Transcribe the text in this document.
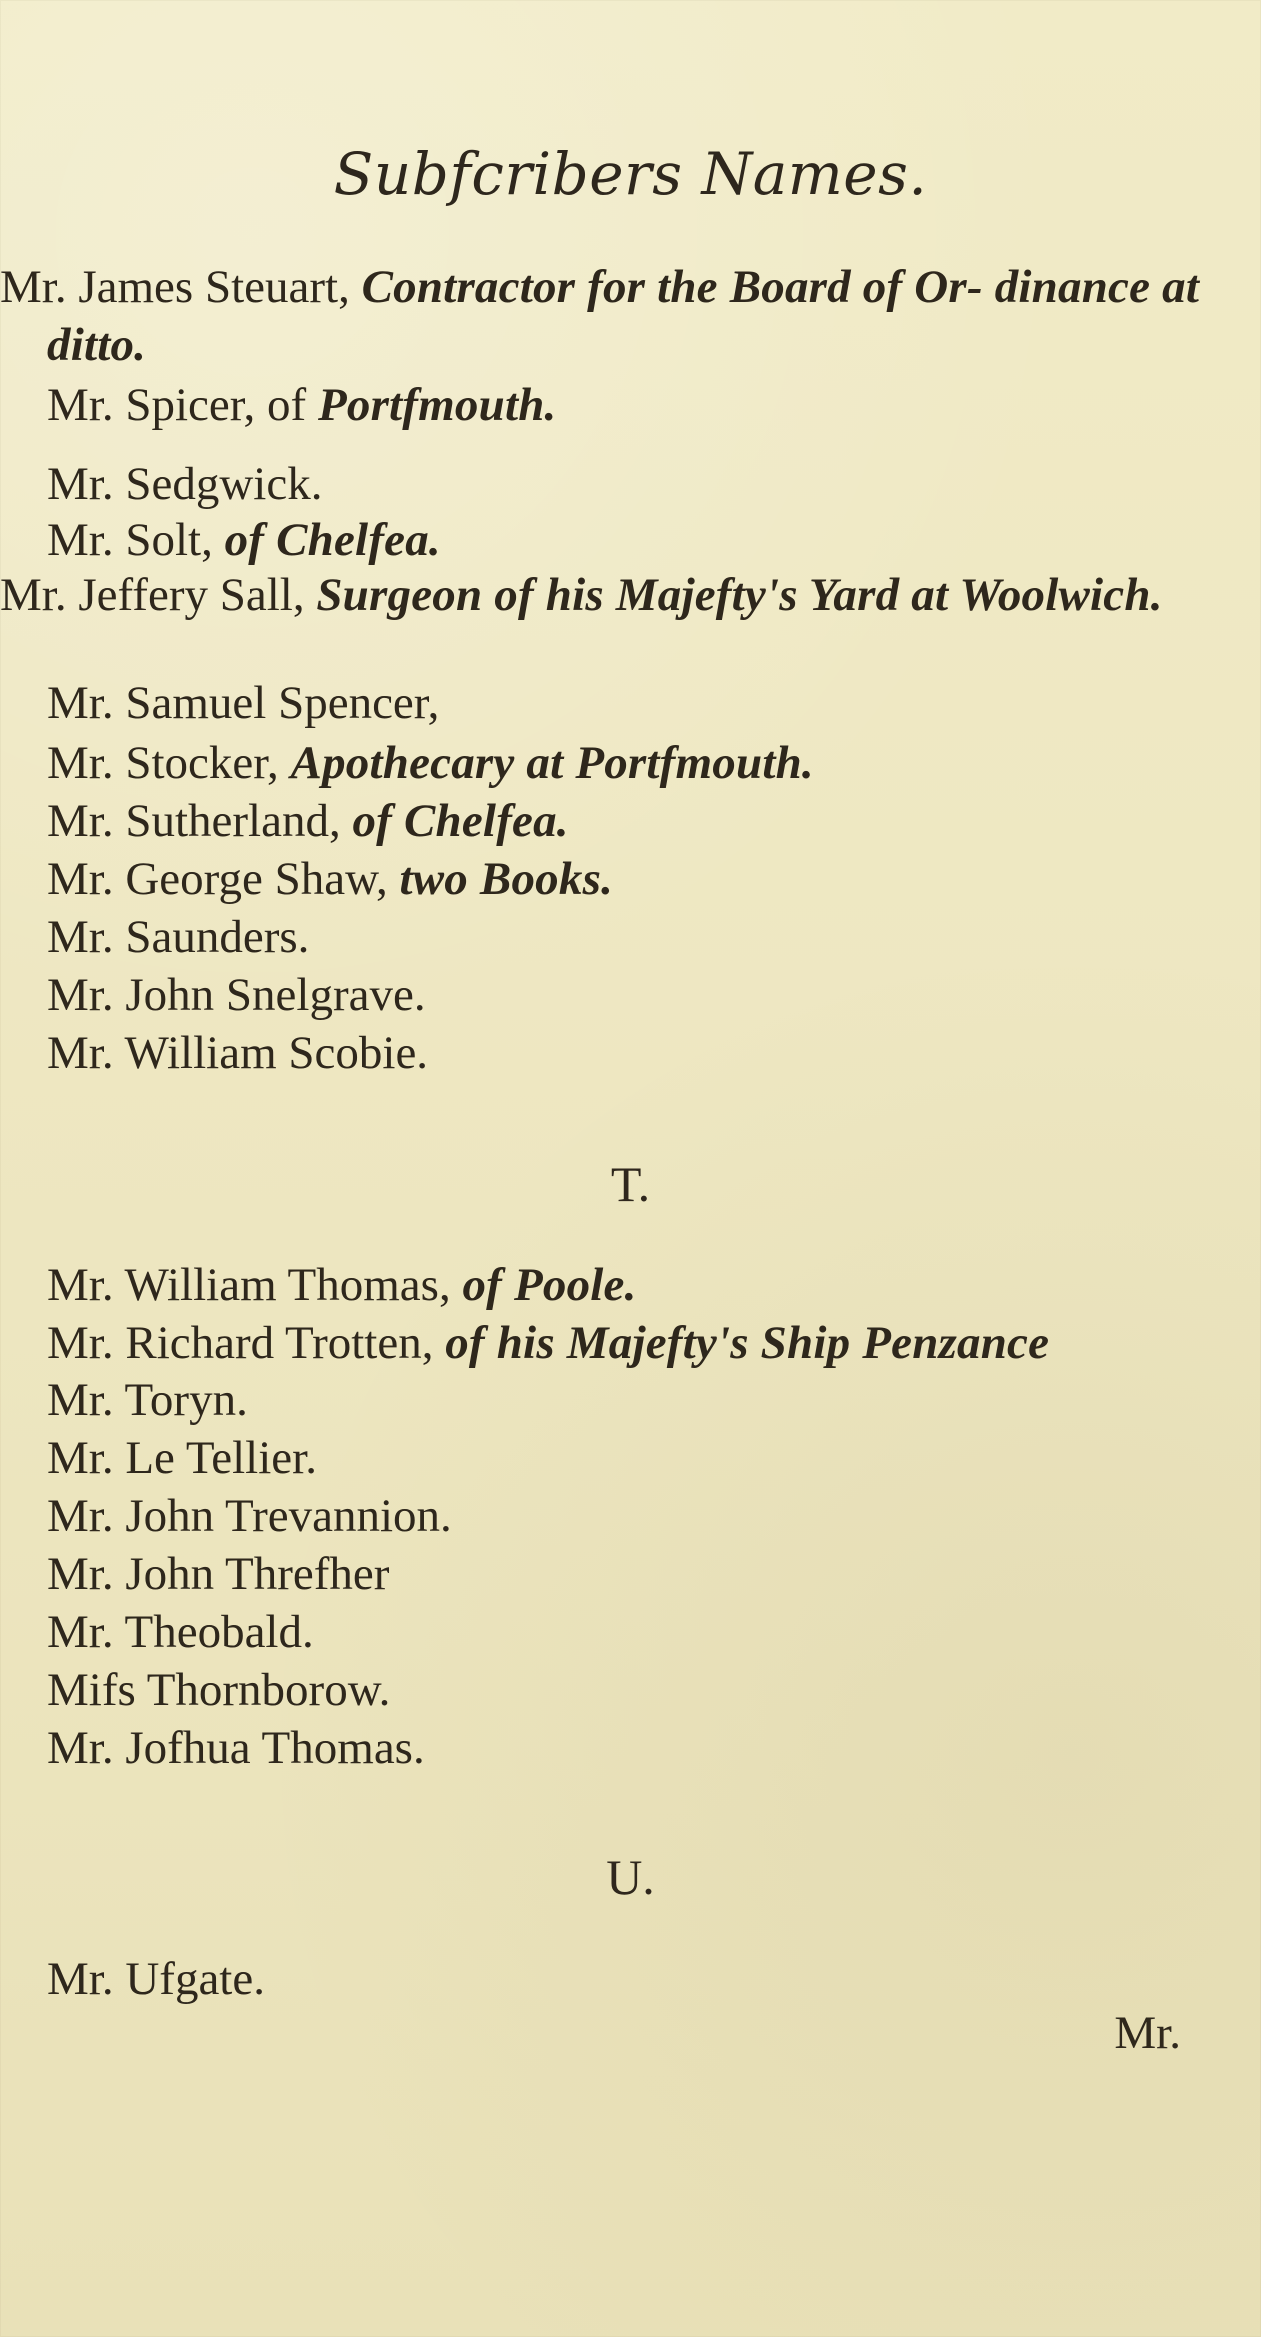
Subfcribers Names.
Mr. James Steuart, Contractor for the Board of Or- dinance at ditto.
Mr. Spicer, of Portfmouth.
Mr. Sedgwick.
Mr. Solt, of Chelfea.
Mr. Jeffery Sall, Surgeon of his Majefty's Yard at Woolwich.
Mr. Samuel Spencer,
Mr. Stocker, Apothecary at Portfmouth.
Mr. Sutherland, of Chelfea.
Mr. George Shaw, two Books.
Mr. Saunders.
Mr. John Snelgrave.
Mr. William Scobie.
T.
Mr. William Thomas, of Poole.
Mr. Richard Trotten, of his Majefty's Ship Penzance
Mr. Toryn.
Mr. Le Tellier.
Mr. John Trevannion.
Mr. John Threfher
Mr. Theobald.
Mifs Thornborow.
Mr. Jofhua Thomas.
U.
Mr. Ufgate.
Mr.
